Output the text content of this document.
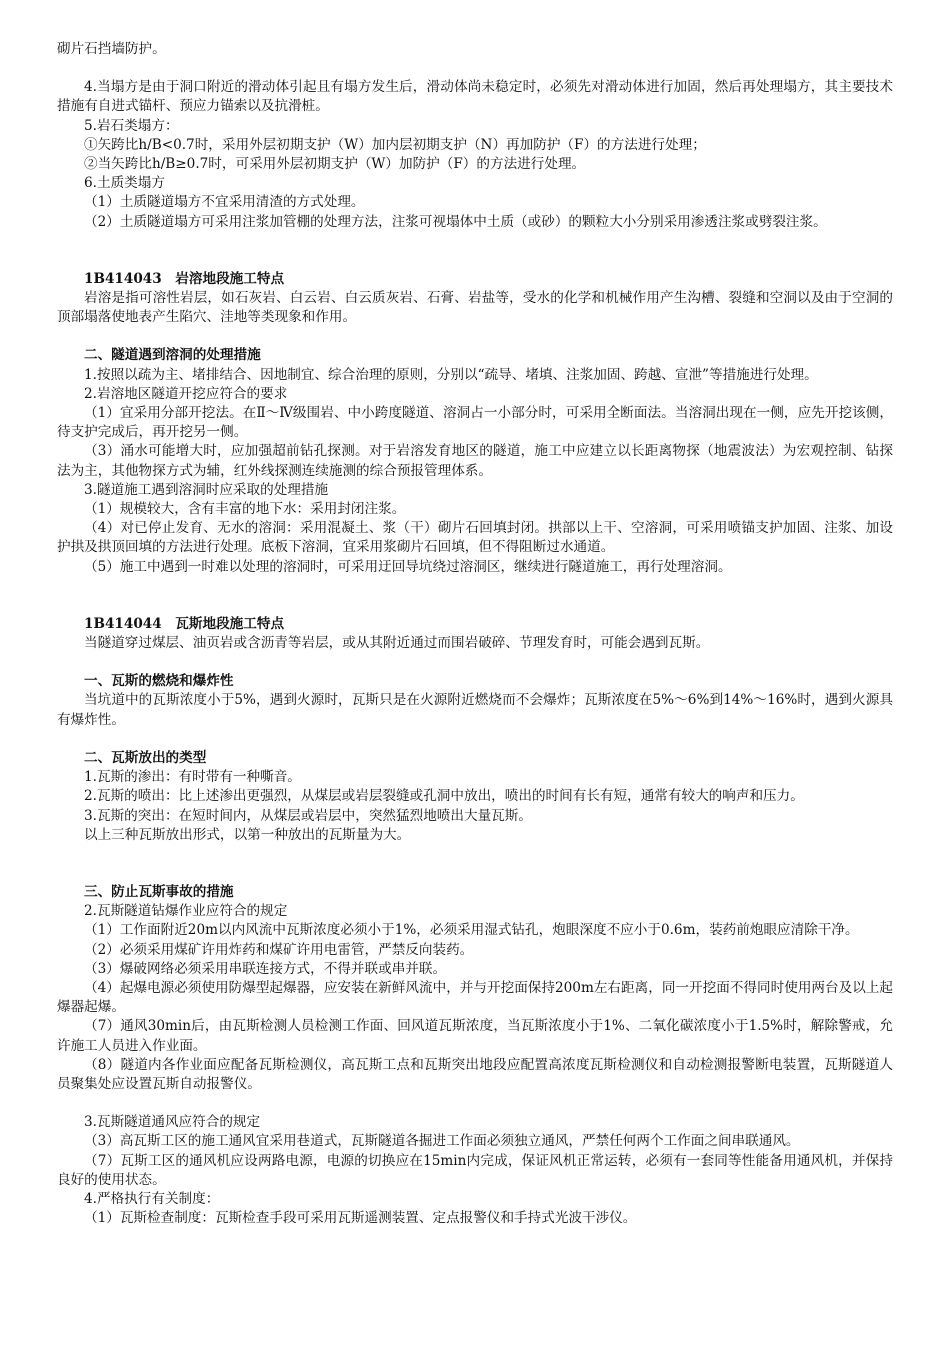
砌片石挡墙防护。

4.当塌方是由于洞口附近的滑动体引起且有塌方发生后，滑动体尚未稳定时，必须先对滑动体进行加固，然后再处理塌方，其主要技术措施有自进式锚杆、预应力锚索以及抗滑桩。

5.岩石类塌方：

①矢跨比h/B<0.7时，采用外层初期支护（W）加内层初期支护（N）再加防护（F）的方法进行处理；

②当矢跨比h/B≥0.7时，可采用外层初期支护（W）加防护（F）的方法进行处理。

6.土质类塌方

（1）土质隧道塌方不宜采用清渣的方式处理。

（2）土质隧道塌方可采用注浆加管棚的处理方法，注浆可视塌体中土质（或砂）的颗粒大小分别采用渗透注浆或劈裂注浆。

1B414043　岩溶地段施工特点

岩溶是指可溶性岩层，如石灰岩、白云岩、白云质灰岩、石膏、岩盐等，受水的化学和机械作用产生沟槽、裂缝和空洞以及由于空洞的顶部塌落使地表产生陷穴、洼地等类现象和作用。

二、隧道遇到溶洞的处理措施

1.按照以疏为主、堵排结合、因地制宜、综合治理的原则，分别以“疏导、堵填、注浆加固、跨越、宣泄”等措施进行处理。

2.岩溶地区隧道开挖应符合的要求

（1）宜采用分部开挖法。在Ⅱ～Ⅳ级围岩、中小跨度隧道、溶洞占一小部分时，可采用全断面法。当溶洞出现在一侧，应先开挖该侧，待支护完成后，再开挖另一侧。

（3）涌水可能增大时，应加强超前钻孔探测。对于岩溶发育地区的隧道，施工中应建立以长距离物探（地震波法）为宏观控制、钻探法为主，其他物探方式为辅，红外线探测连续施测的综合预报管理体系。

3.隧道施工遇到溶洞时应采取的处理措施

（1）规模较大，含有丰富的地下水：采用封闭注浆。

（4）对已停止发育、无水的溶洞：采用混凝土、浆（干）砌片石回填封闭。拱部以上干、空溶洞，可采用喷锚支护加固、注浆、加设护拱及拱顶回填的方法进行处理。底板下溶洞，宜采用浆砌片石回填，但不得阻断过水通道。

（5）施工中遇到一时难以处理的溶洞时，可采用迂回导坑绕过溶洞区，继续进行隧道施工，再行处理溶洞。

1B414044　瓦斯地段施工特点

当隧道穿过煤层、油页岩或含沥青等岩层，或从其附近通过而围岩破碎、节理发育时，可能会遇到瓦斯。

一、瓦斯的燃烧和爆炸性

当坑道中的瓦斯浓度小于5%，遇到火源时，瓦斯只是在火源附近燃烧而不会爆炸；瓦斯浓度在5%～6%到14%～16%时，遇到火源具有爆炸性。

二、瓦斯放出的类型

1.瓦斯的渗出：有时带有一种嘶音。

2.瓦斯的喷出：比上述渗出更强烈，从煤层或岩层裂缝或孔洞中放出，喷出的时间有长有短，通常有较大的响声和压力。

3.瓦斯的突出：在短时间内，从煤层或岩层中，突然猛烈地喷出大量瓦斯。

以上三种瓦斯放出形式，以第一种放出的瓦斯量为大。

三、防止瓦斯事故的措施

2.瓦斯隧道钻爆作业应符合的规定

（1）工作面附近20m以内风流中瓦斯浓度必须小于1%，必须采用湿式钻孔，炮眼深度不应小于0.6m，装药前炮眼应清除干净。

（2）必须采用煤矿许用炸药和煤矿许用电雷管，严禁反向装药。

（3）爆破网络必须采用串联连接方式，不得并联或串并联。

（4）起爆电源必须使用防爆型起爆器，应安装在新鲜风流中，并与开挖面保持200m左右距离，同一开挖面不得同时使用两台及以上起爆器起爆。

（7）通风30min后，由瓦斯检测人员检测工作面、回风道瓦斯浓度，当瓦斯浓度小于1%、二氧化碳浓度小于1.5%时，解除警戒，允许施工人员进入作业面。

（8）隧道内各作业面应配备瓦斯检测仪，高瓦斯工点和瓦斯突出地段应配置高浓度瓦斯检测仪和自动检测报警断电装置，瓦斯隧道人员聚集处应设置瓦斯自动报警仪。

3.瓦斯隧道通风应符合的规定

（3）高瓦斯工区的施工通风宜采用巷道式，瓦斯隧道各掘进工作面必须独立通风，严禁任何两个工作面之间串联通风。

（7）瓦斯工区的通风机应设两路电源，电源的切换应在15min内完成，保证风机正常运转，必须有一套同等性能备用通风机，并保持良好的使用状态。

4.严格执行有关制度：

（1）瓦斯检查制度：瓦斯检查手段可采用瓦斯遥测装置、定点报警仪和手持式光波干涉仪。
